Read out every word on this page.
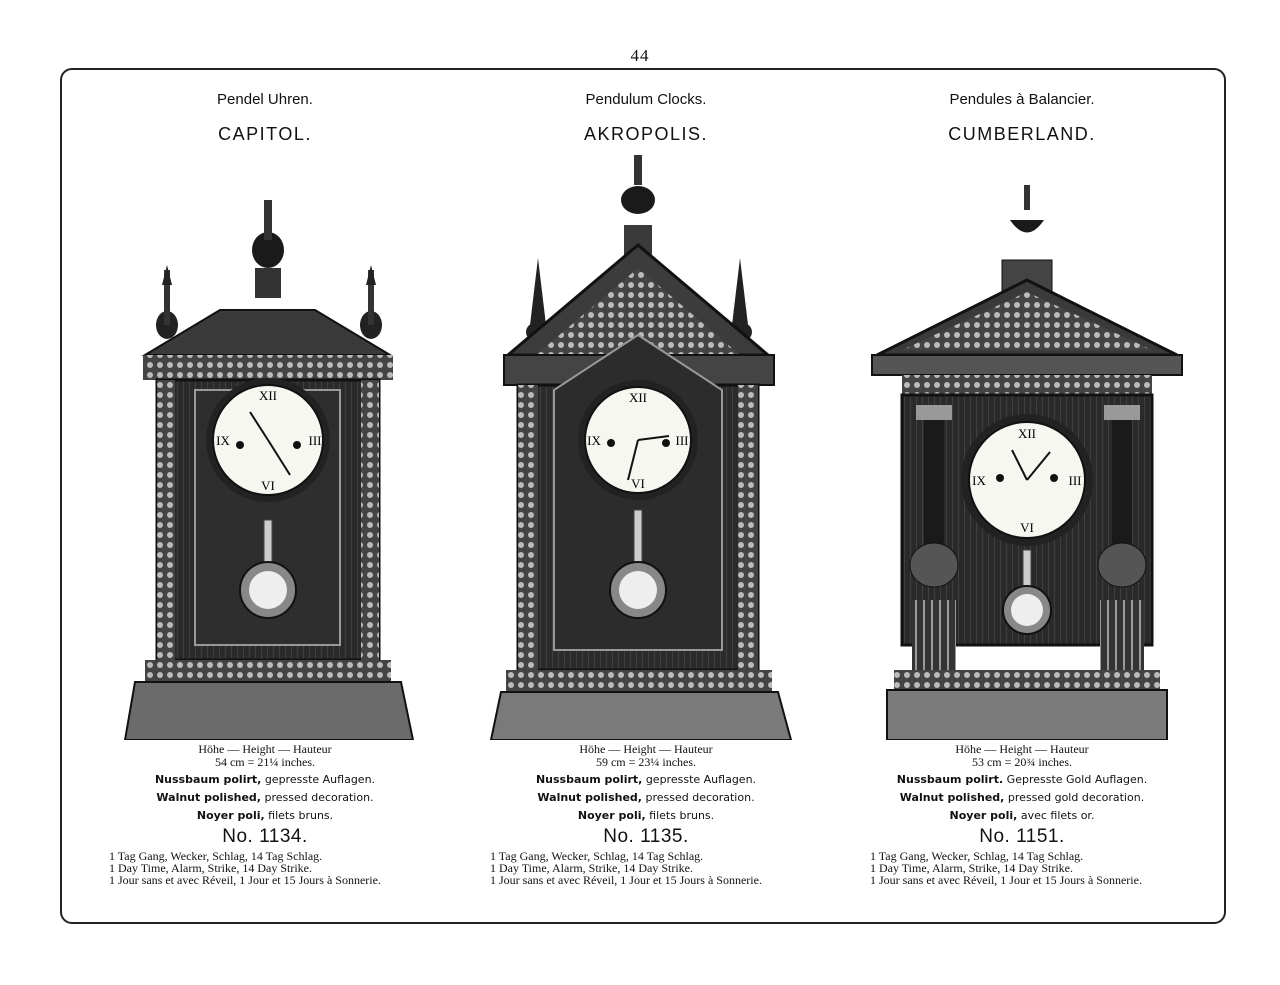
44
Pendel Uhren.
CAPITOL.
XII
III
VI
IX
Höhe — Height — Hauteur
54 cm = 21¼ inches.
Nussbaum polirt, gepresste Auflagen.
Walnut polished, pressed decoration.
Noyer poli, filets bruns.
No. 1134.
1 Tag Gang, Wecker, Schlag, 14 Tag Schlag.
1 Day Time, Alarm, Strike, 14 Day Strike.
1 Jour sans et avec Réveil, 1 Jour et 15 Jours à Sonnerie.
Pendulum Clocks.
AKROPOLIS.
XII
III
VI
IX
Höhe — Height — Hauteur
59 cm = 23¼ inches.
Nussbaum polirt, gepresste Auflagen.
Walnut polished, pressed decoration.
Noyer poli, filets bruns.
No. 1135.
1 Tag Gang, Wecker, Schlag, 14 Tag Schlag.
1 Day Time, Alarm, Strike, 14 Day Strike.
1 Jour sans et avec Réveil, 1 Jour et 15 Jours à Sonnerie.
Pendules à Balancier.
CUMBERLAND.
XII
III
VI
IX
Höhe — Height — Hauteur
53 cm = 20¾ inches.
Nussbaum polirt. Gepresste Gold Auflagen.
Walnut polished, pressed gold decoration.
Noyer poli, avec filets or.
No. 1151.
1 Tag Gang, Wecker, Schlag, 14 Tag Schlag.
1 Day Time, Alarm, Strike, 14 Day Strike.
1 Jour sans et avec Réveil, 1 Jour et 15 Jours à Sonnerie.
